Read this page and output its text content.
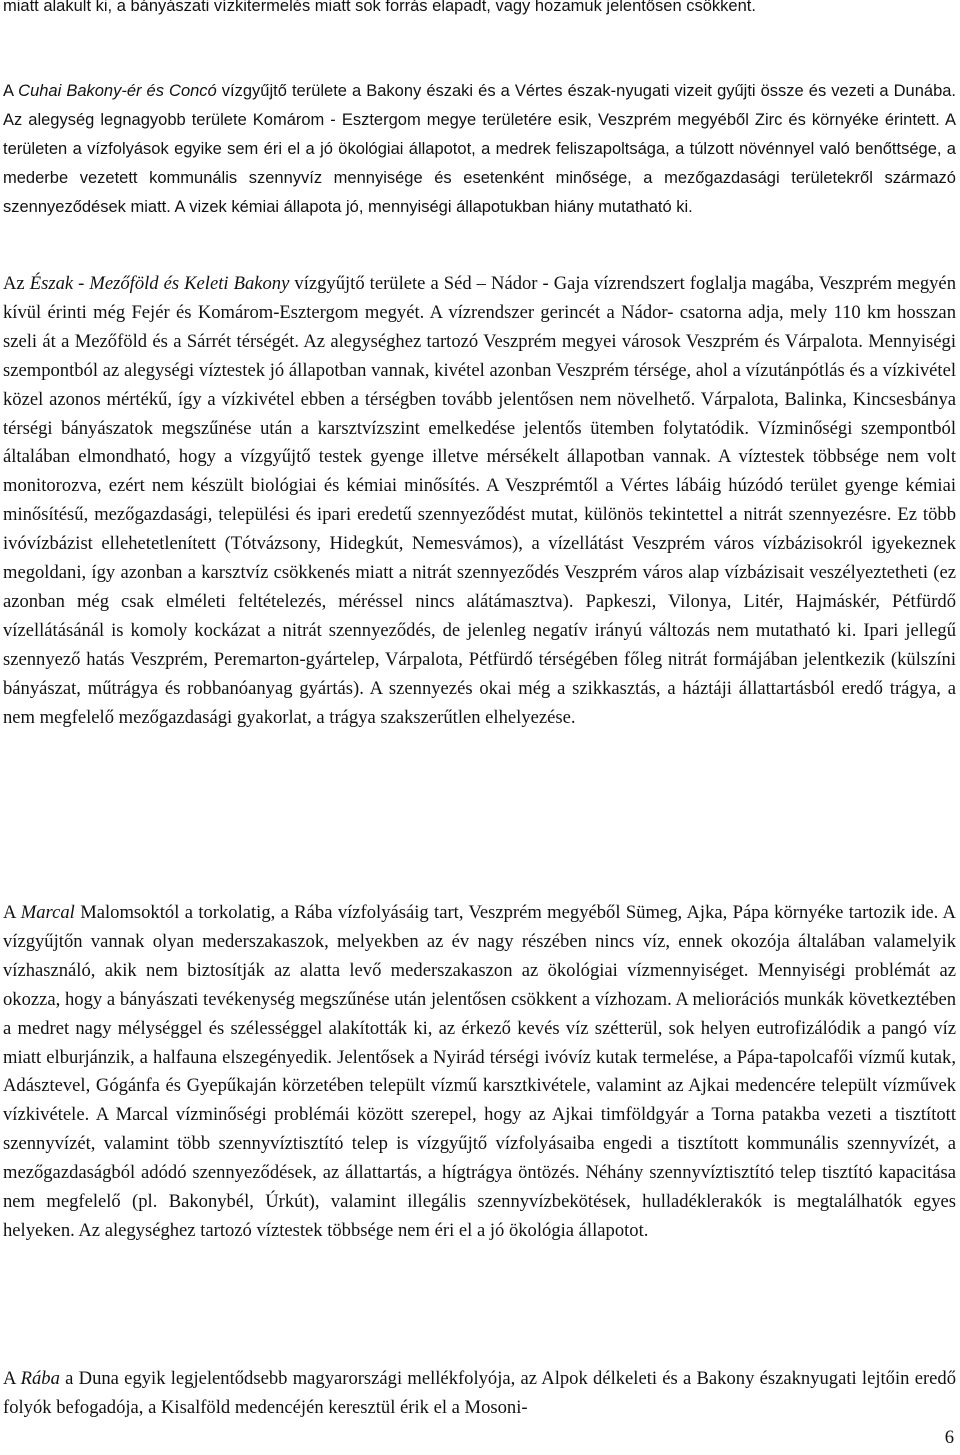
miatt alakult ki, a bányászati vízkitermelés miatt sok forrás elapadt, vagy hozamuk jelentősen csökkent.

A Cuhai Bakony-ér és Concó vízgyűjtő területe a Bakony északi és a Vértes észak-nyugati vizeit gyűjti össze és vezeti a Dunába. Az alegység legnagyobb területe Komárom - Esztergom megye területére esik, Veszprém megyéből Zirc és környéke érintett. A területen a vízfolyások egyike sem éri el a jó ökológiai állapotot, a medrek feliszapoltsága, a túlzott növénnyel való benőttsége, a mederbe vezetett kommunális szennyvíz mennyisége és esetenként minősége, a mezőgazdasági területekről származó szennyeződések miatt. A vizek kémiai állapota jó, mennyiségi állapotukban hiány mutatható ki.

Az Észak - Mezőföld és Keleti Bakony vízgyűjtő területe a Séd – Nádor - Gaja vízrendszert foglalja magába, Veszprém megyén kívül érinti még Fejér és Komárom-Esztergom megyét. A vízrendszer gerincét a Nádor- csatorna adja, mely 110 km hosszan szeli át a Mezőföld és a Sárrét térségét. Az alegységhez tartozó Veszprém megyei városok Veszprém és Várpalota. Mennyiségi szempontból az alegységi víztestek jó állapotban vannak, kivétel azonban Veszprém térsége, ahol a vízutánpótlás és a vízkivétel közel azonos mértékű, így a vízkivétel ebben a térségben tovább jelentősen nem növelhető. Várpalota, Balinka, Kincsesbánya térségi bányászatok megszűnése után a karsztvízszint emelkedése jelentős ütemben folytatódik. Vízminőségi szempontból általában elmondható, hogy a vízgyűjtő testek gyenge illetve mérsékelt állapotban vannak. A víztestek többsége nem volt monitorozva, ezért nem készült biológiai és kémiai minősítés. A Veszprémtől a Vértes lábáig húzódó terület gyenge kémiai minősítésű, mezőgazdasági, települési és ipari eredetű szennyeződést mutat, különös tekintettel a nitrát szennyezésre. Ez több ivóvízbázist ellehetetlenített (Tótvázsony, Hidegkút, Nemesvámos), a vízellátást Veszprém város vízbázisokról igyekeznek megoldani, így azonban a karsztvíz csökkenés miatt a nitrát szennyeződés Veszprém város alap vízbázisait veszélyeztetheti (ez azonban még csak elméleti feltételezés, méréssel nincs alátámasztva). Papkeszi, Vilonya, Litér, Hajmáskér, Pétfürdő vízellátásánál is komoly kockázat a nitrát szennyeződés, de jelenleg negatív irányú változás nem mutatható ki. Ipari jellegű szennyező hatás Veszprém, Peremarton-gyártelep, Várpalota, Pétfürdő térségében főleg nitrát formájában jelentkezik (külszíni bányászat, műtrágya és robbanóanyag gyártás). A szennyezés okai még a szikkasztás, a háztáji állattartásból eredő trágya, a nem megfelelő mezőgazdasági gyakorlat, a trágya szakszerűtlen elhelyezése.

A Marcal Malomsoktól a torkolatig, a Rába vízfolyásáig tart, Veszprém megyéből Sümeg, Ajka, Pápa környéke tartozik ide. A vízgyűjtőn vannak olyan mederszakaszok, melyekben az év nagy részében nincs víz, ennek okozója általában valamelyik vízhasználó, akik nem biztosítják az alatta levő mederszakaszon az ökológiai vízmennyiséget. Mennyiségi problémát az okozza, hogy a bányászati tevékenység megszűnése után jelentősen csökkent a vízhozam. A meliorációs munkák következtében a medret nagy mélységgel és szélességgel alakították ki, az érkező kevés víz szétterül, sok helyen eutrofizálódik a pangó víz miatt elburjánzik, a halfauna elszegényedik. Jelentősek a Nyirád térségi ivóvíz kutak termelése, a Pápa-tapolcafői vízmű kutak, Adásztevel, Gógánfa és Gyepűkaján körzetében települt vízmű karsztkivétele, valamint az Ajkai medencére települt vízművek vízkivétele. A Marcal vízminőségi problémái között szerepel, hogy az Ajkai timföldgyár a Torna patakba vezeti a tisztított szennyvízét, valamint több szennyvíztisztító telep is vízgyűjtő vízfolyásaiba engedi a tisztított kommunális szennyvízét, a mezőgazdaságból adódó szennyeződések, az állattartás, a hígtrágya öntözés. Néhány szennyvíztisztító telep tisztító kapacitása nem megfelelő (pl. Bakonybél, Úrkút), valamint illegális szennyvízbekötések, hulladéklerakók is megtalálhatók egyes helyeken. Az alegységhez tartozó víztestek többsége nem éri el a jó ökológia állapotot.

A Rába a Duna egyik legjelentődsebb magyarországi mellékfolyója, az Alpok délkeleti és a Bakony északnyugati lejtőin eredő folyók befogadója, a Kisalföld medencéjén keresztül érik el a Mosoni-

6
